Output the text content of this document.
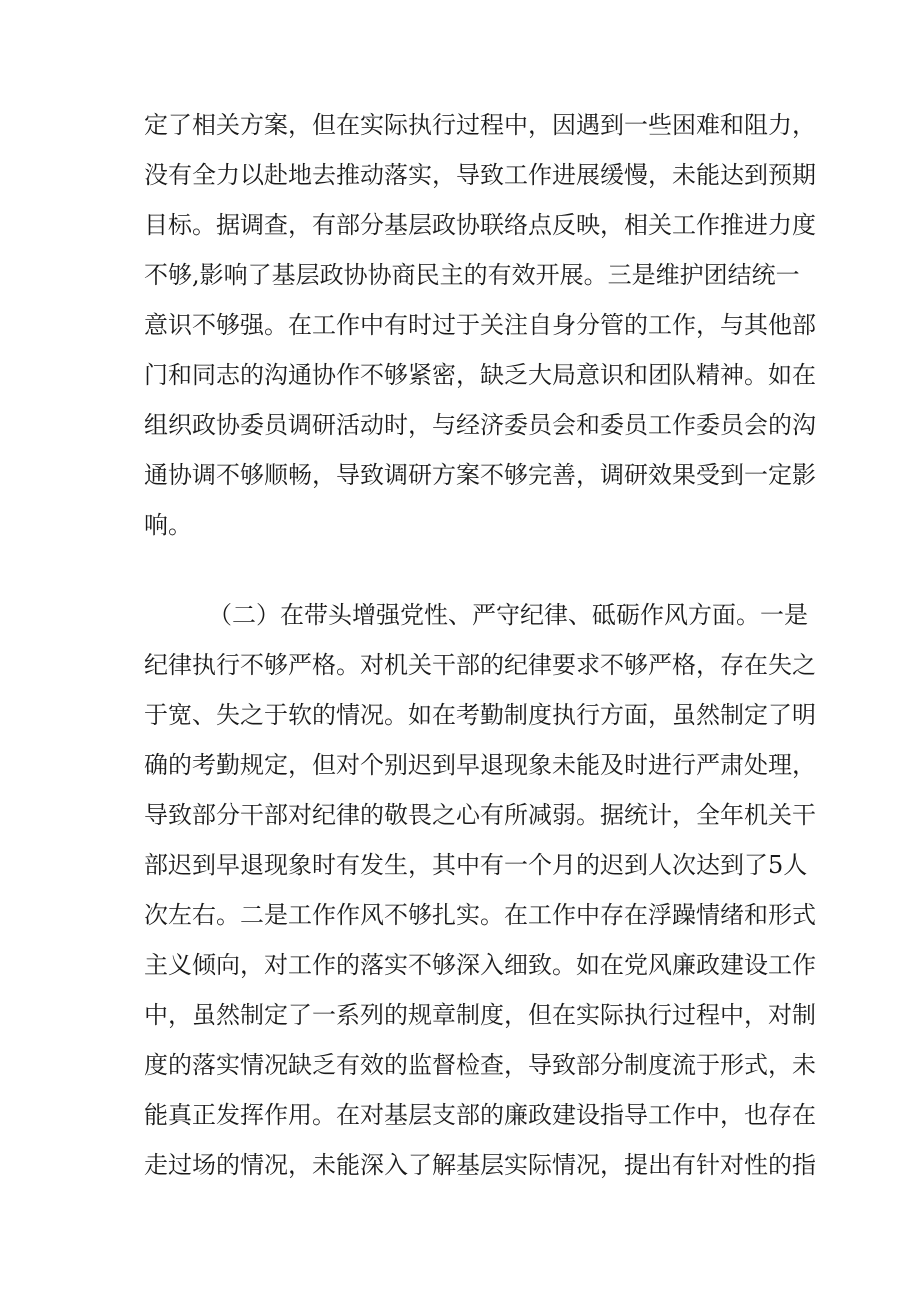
定了相关方案，但在实际执行过程中，因遇到一些困难和阻力，
没有全力以赴地去推动落实，导致工作进展缓慢，未能达到预期
目标。据调查，有部分基层政协联络点反映，相关工作推进力度
不够,影响了基层政协协商民主的有效开展。三是维护团结统一
意识不够强。在工作中有时过于关注自身分管的工作，与其他部
门和同志的沟通协作不够紧密，缺乏大局意识和团队精神。如在
组织政协委员调研活动时，与经济委员会和委员工作委员会的沟
通协调不够顺畅，导致调研方案不够完善，调研效果受到一定影
响。
（二）在带头增强党性、严守纪律、砥砺作风方面。一是
纪律执行不够严格。对机关干部的纪律要求不够严格，存在失之
于宽、失之于软的情况。如在考勤制度执行方面，虽然制定了明
确的考勤规定，但对个别迟到早退现象未能及时进行严肃处理，
导致部分干部对纪律的敬畏之心有所减弱。据统计，全年机关干
部迟到早退现象时有发生，其中有一个月的迟到人次达到了5人
次左右。二是工作作风不够扎实。在工作中存在浮躁情绪和形式
主义倾向，对工作的落实不够深入细致。如在党风廉政建设工作
中，虽然制定了一系列的规章制度，但在实际执行过程中，对制
度的落实情况缺乏有效的监督检查，导致部分制度流于形式，未
能真正发挥作用。在对基层支部的廉政建设指导工作中，也存在
走过场的情况，未能深入了解基层实际情况，提出有针对性的指
